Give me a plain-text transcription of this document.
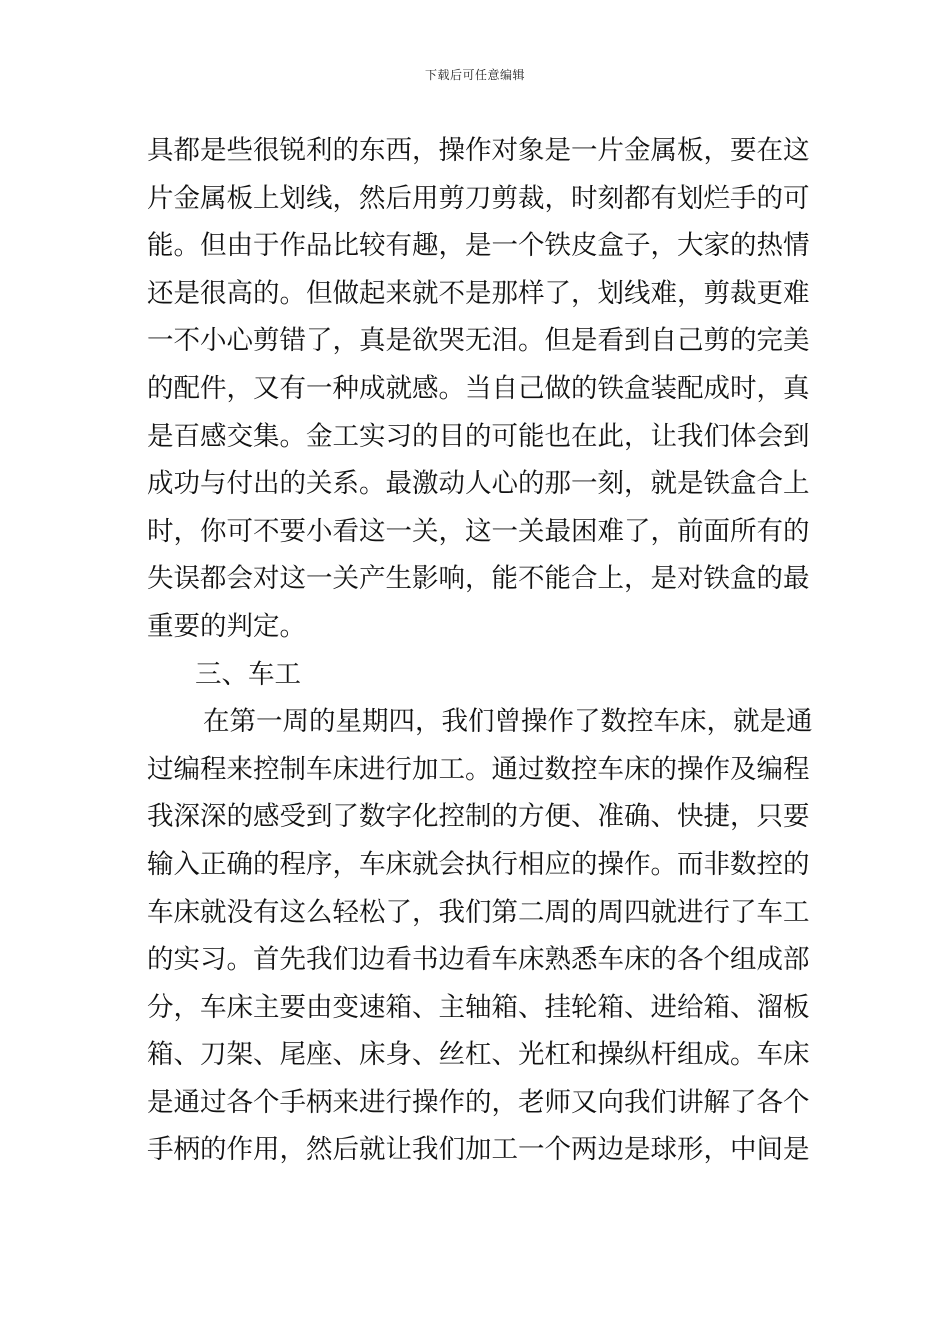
下载后可任意编辑
具都是些很锐利的东西，操作对象是一片金属板，要在这
片金属板上划线，然后用剪刀剪裁，时刻都有划烂手的可
能。但由于作品比较有趣，是一个铁皮盒子，大家的热情
还是很高的。但做起来就不是那样了，划线难，剪裁更难
一不小心剪错了，真是欲哭无泪。但是看到自己剪的完美
的配件，又有一种成就感。当自己做的铁盒装配成时，真
是百感交集。金工实习的目的可能也在此，让我们体会到
成功与付出的关系。最激动人心的那一刻，就是铁盒合上
时，你可不要小看这一关，这一关最困难了，前面所有的
失误都会对这一关产生影响，能不能合上，是对铁盒的最
重要的判定。
三、车工
在第一周的星期四，我们曾操作了数控车床，就是通
过编程来控制车床进行加工。通过数控车床的操作及编程
我深深的感受到了数字化控制的方便、准确、快捷，只要
输入正确的程序，车床就会执行相应的操作。而非数控的
车床就没有这么轻松了，我们第二周的周四就进行了车工
的实习。首先我们边看书边看车床熟悉车床的各个组成部
分，车床主要由变速箱、主轴箱、挂轮箱、进给箱、溜板
箱、刀架、尾座、床身、丝杠、光杠和操纵杆组成。车床
是通过各个手柄来进行操作的，老师又向我们讲解了各个
手柄的作用，然后就让我们加工一个两边是球形，中间是
